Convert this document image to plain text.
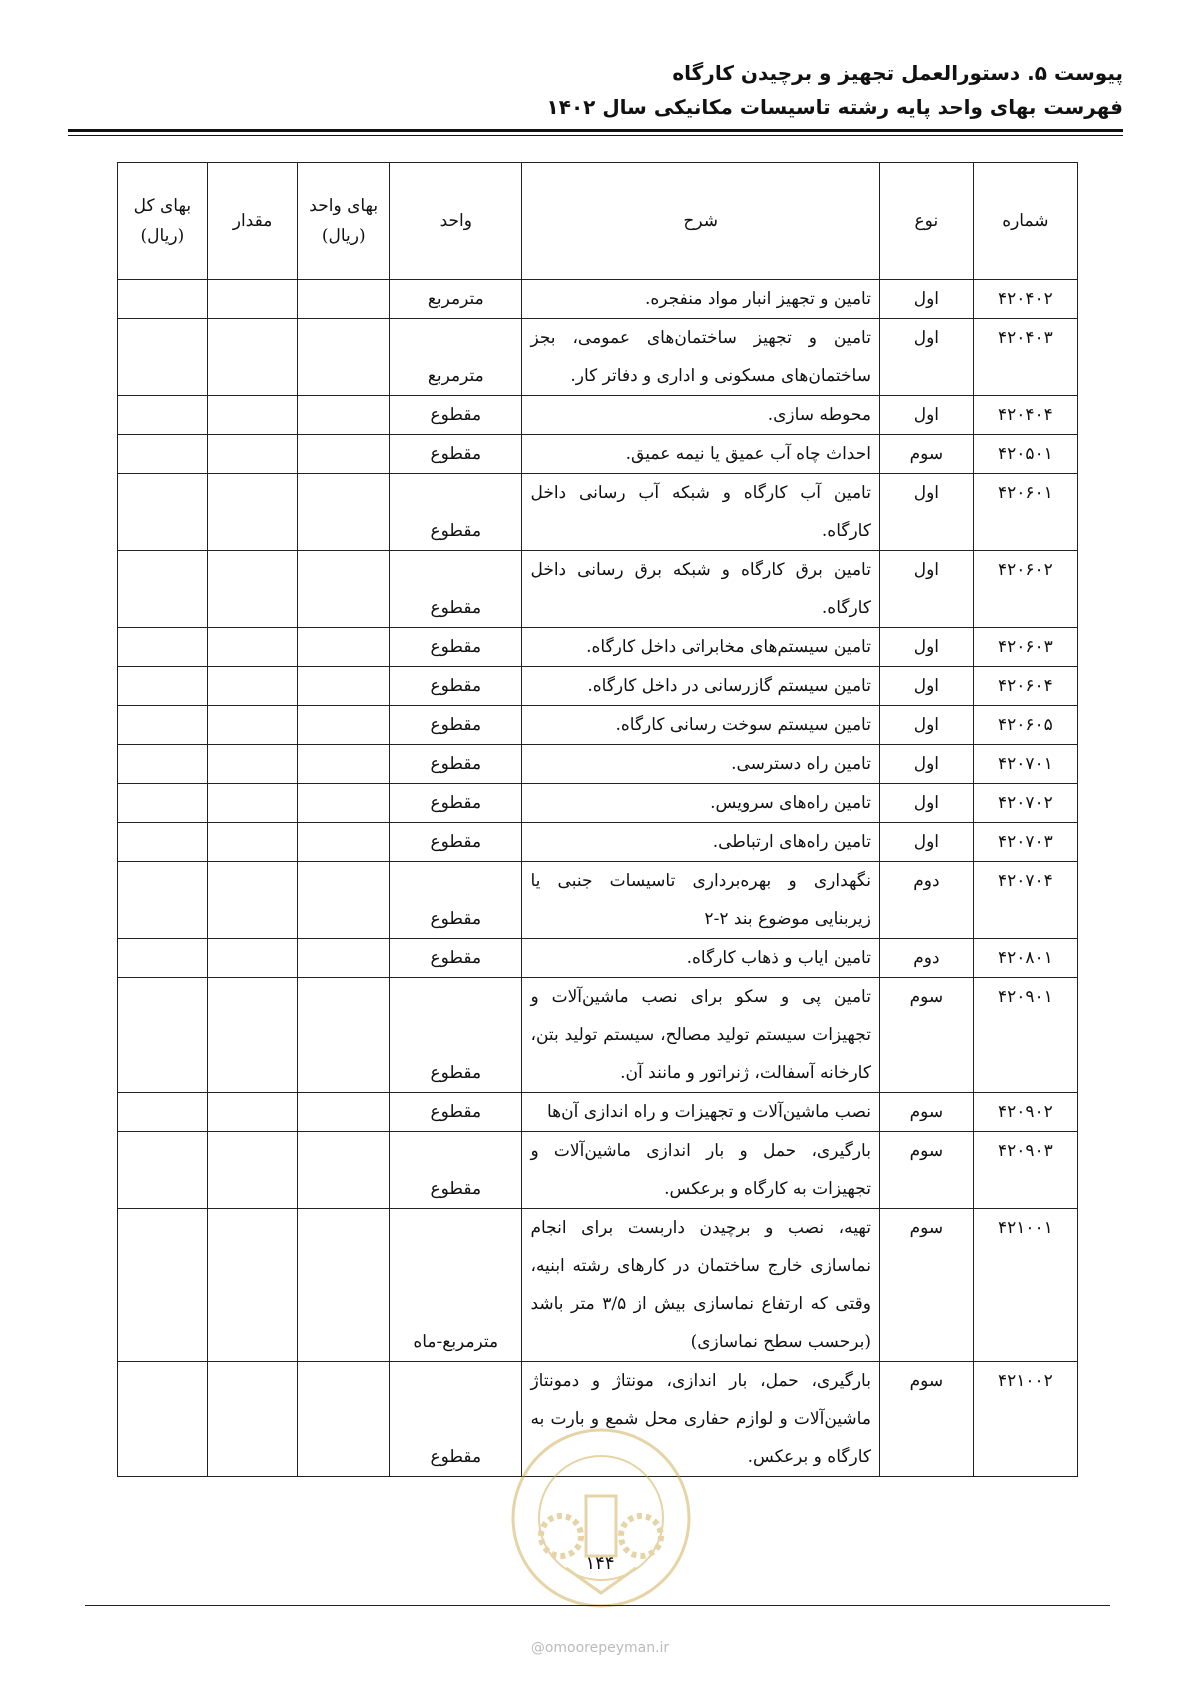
پیوست ۵. دستورالعمل تجهیز و برچیدن کارگاه
فهرست بهای واحد پایه رشته تاسیسات مکانیکی سال ۱۴۰۲
شماره	نوع	شرح	واحد	بهای واحد (ریال)	مقدار	بهای کل (ریال)
۴۲۰۴۰۲	اول	تامین و تجهیز انبار مواد منفجره.	مترمربع			
۴۲۰۴۰۳	اول	تامین و تجهیز ساختمان‌های عمومی، بجز ساختمان‌های مسکونی و اداری و دفاتر کار.	مترمربع			
۴۲۰۴۰۴	اول	محوطه سازی.	مقطوع			
۴۲۰۵۰۱	سوم	احداث چاه آب عمیق یا نیمه عمیق.	مقطوع			
۴۲۰۶۰۱	اول	تامین آب کارگاه و شبکه آب رسانی داخل کارگاه.	مقطوع			
۴۲۰۶۰۲	اول	تامین برق کارگاه و شبکه برق رسانی داخل کارگاه.	مقطوع			
۴۲۰۶۰۳	اول	تامین سیستم‌های مخابراتی داخل کارگاه.	مقطوع			
۴۲۰۶۰۴	اول	تامین سیستم گازرسانی در داخل کارگاه.	مقطوع			
۴۲۰۶۰۵	اول	تامین سیستم سوخت رسانی کارگاه.	مقطوع			
۴۲۰۷۰۱	اول	تامین راه دسترسی.	مقطوع			
۴۲۰۷۰۲	اول	تامین راه‌های سرویس.	مقطوع			
۴۲۰۷۰۳	اول	تامین راه‌های ارتباطی.	مقطوع			
۴۲۰۷۰۴	دوم	نگهداری و بهره‌برداری تاسیسات جنبی یا زیربنایی موضوع بند ۲-۲	مقطوع			
۴۲۰۸۰۱	دوم	تامین ایاب و ذهاب کارگاه.	مقطوع			
۴۲۰۹۰۱	سوم	تامین پی و سکو برای نصب ماشین‌آلات و تجهیزات سیستم تولید مصالح، سیستم تولید بتن، کارخانه آسفالت، ژنراتور و مانند آن.	مقطوع			
۴۲۰۹۰۲	سوم	نصب ماشین‌آلات و تجهیزات و راه اندازی آن‌ها	مقطوع			
۴۲۰۹۰۳	سوم	بارگیری، حمل و بار اندازی ماشین‌آلات و تجهیزات به کارگاه و برعکس.	مقطوع			
۴۲۱۰۰۱	سوم	تهیه، نصب و برچیدن داربست برای انجام نماسازی خارج ساختمان در کارهای رشته ابنیه، وقتی که ارتفاع نماسازی بیش از ۳/۵ متر باشد (برحسب سطح نماسازی)	مترمربع-ماه			
۴۲۱۰۰۲	سوم	بارگیری، حمل، بار اندازی، مونتاژ و دمونتاژ ماشین‌آلات و لوازم حفاری محل شمع و بارت به کارگاه و برعکس.	مقطوع			
۱۴۴
@omoorepeyman.ir
